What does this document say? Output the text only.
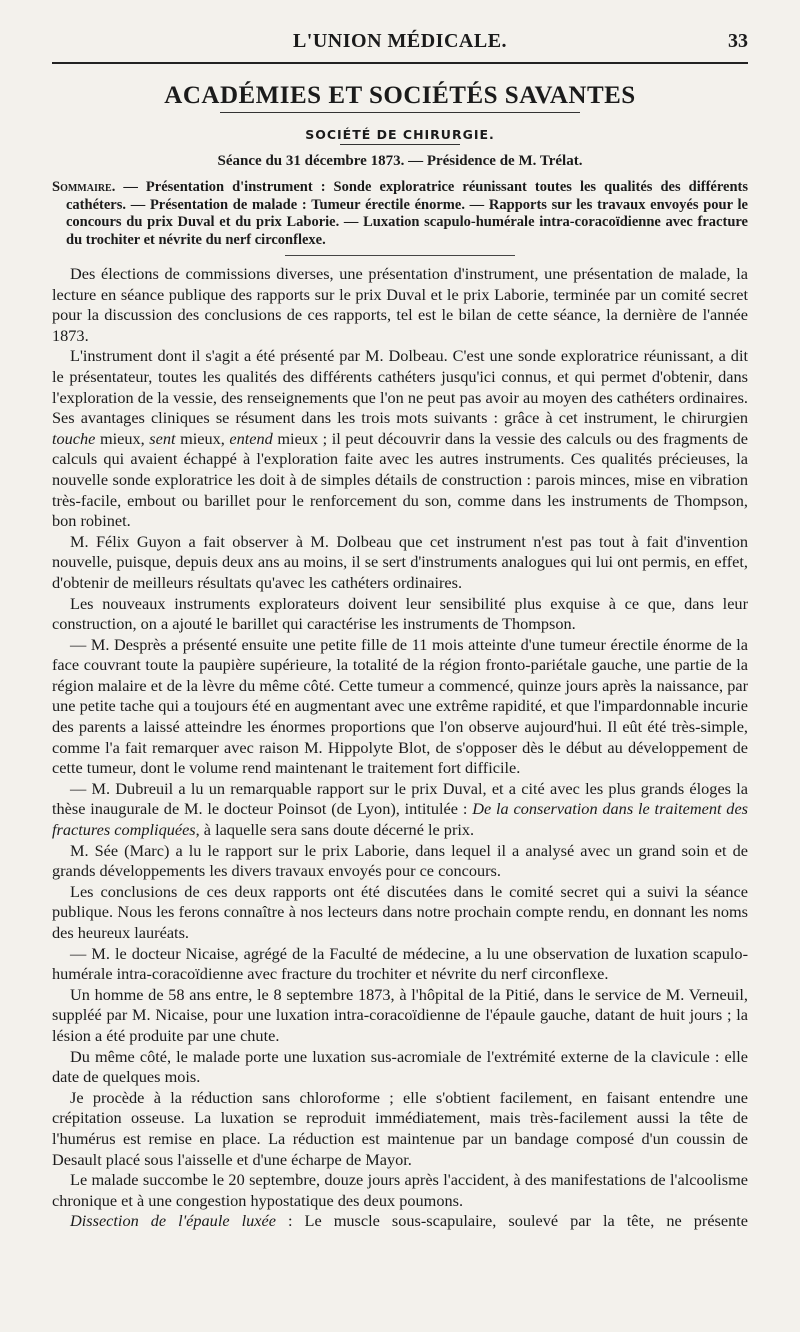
L'UNION MÉDICALE.	33
ACADÉMIES ET SOCIÉTÉS SAVANTES
SOCIÉTÉ DE CHIRURGIE.
Séance du 31 décembre 1873. — Présidence de M. Trélat.
Sommaire. — Présentation d'instrument : Sonde exploratrice réunissant toutes les qualités des différents cathéters. — Présentation de malade : Tumeur érectile énorme. — Rapports sur les travaux envoyés pour le concours du prix Duval et du prix Laborie. — Luxation scapulo-humérale intra-coracoïdienne avec fracture du trochiter et névrite du nerf circonflexe.

Des élections de commissions diverses, une présentation d'instrument, une présentation de malade, la lecture en séance publique des rapports sur le prix Duval et le prix Laborie, terminée par un comité secret pour la discussion des conclusions de ces rapports, tel est le bilan de cette séance, la dernière de l'année 1873.

L'instrument dont il s'agit a été présenté par M. Dolbeau. C'est une sonde exploratrice réunissant, a dit le présentateur, toutes les qualités des différents cathéters jusqu'ici connus, et qui permet d'obtenir, dans l'exploration de la vessie, des renseignements que l'on ne peut pas avoir au moyen des cathéters ordinaires. Ses avantages cliniques se résument dans les trois mots suivants : grâce à cet instrument, le chirurgien touche mieux, sent mieux, entend mieux ; il peut découvrir dans la vessie des calculs ou des fragments de calculs qui avaient échappé à l'exploration faite avec les autres instruments. Ces qualités précieuses, la nouvelle sonde exploratrice les doit à de simples détails de construction : parois minces, mise en vibration très-facile, embout ou barillet pour le renforcement du son, comme dans les instruments de Thompson, bon robinet.

M. Félix Guyon a fait observer à M. Dolbeau que cet instrument n'est pas tout à fait d'invention nouvelle, puisque, depuis deux ans au moins, il se sert d'instruments analogues qui lui ont permis, en effet, d'obtenir de meilleurs résultats qu'avec les cathéters ordinaires.

Les nouveaux instruments explorateurs doivent leur sensibilité plus exquise à ce que, dans leur construction, on a ajouté le barillet qui caractérise les instruments de Thompson.

— M. Desprès a présenté ensuite une petite fille de 11 mois atteinte d'une tumeur érectile énorme de la face couvrant toute la paupière supérieure, la totalité de la région fronto-pariétale gauche, une partie de la région malaire et de la lèvre du même côté. Cette tumeur a commencé, quinze jours après la naissance, par une petite tache qui a toujours été en augmentant avec une extrême rapidité, et que l'impardonnable incurie des parents a laissé atteindre les énormes proportions que l'on observe aujourd'hui. Il eût été très-simple, comme l'a fait remarquer avec raison M. Hippolyte Blot, de s'opposer dès le début au développement de cette tumeur, dont le volume rend maintenant le traitement fort difficile.

— M. Dubreuil a lu un remarquable rapport sur le prix Duval, et a cité avec les plus grands éloges la thèse inaugurale de M. le docteur Poinsot (de Lyon), intitulée : De la conservation dans le traitement des fractures compliquées, à laquelle sera sans doute décerné le prix.

M. Sée (Marc) a lu le rapport sur le prix Laborie, dans lequel il a analysé avec un grand soin et de grands développements les divers travaux envoyés pour ce concours.

Les conclusions de ces deux rapports ont été discutées dans le comité secret qui a suivi la séance publique. Nous les ferons connaître à nos lecteurs dans notre prochain compte rendu, en donnant les noms des heureux lauréats.

— M. le docteur Nicaise, agrégé de la Faculté de médecine, a lu une observation de luxation scapulo-humérale intra-coracoïdienne avec fracture du trochiter et névrite du nerf circonflexe.

Un homme de 58 ans entre, le 8 septembre 1873, à l'hôpital de la Pitié, dans le service de M. Verneuil, suppléé par M. Nicaise, pour une luxation intra-coracoïdienne de l'épaule gauche, datant de huit jours ; la lésion a été produite par une chute.

Du même côté, le malade porte une luxation sus-acromiale de l'extrémité externe de la clavicule : elle date de quelques mois.

Je procède à la réduction sans chloroforme ; elle s'obtient facilement, en faisant entendre une crépitation osseuse. La luxation se reproduit immédiatement, mais très-facilement aussi la tête de l'humérus est remise en place. La réduction est maintenue par un bandage composé d'un coussin de Desault placé sous l'aisselle et d'une écharpe de Mayor.

Le malade succombe le 20 septembre, douze jours après l'accident, à des manifestations de l'alcoolisme chronique et à une congestion hypostatique des deux poumons.

Dissection de l'épaule luxée : Le muscle sous-scapulaire, soulevé par la tête, ne présente
